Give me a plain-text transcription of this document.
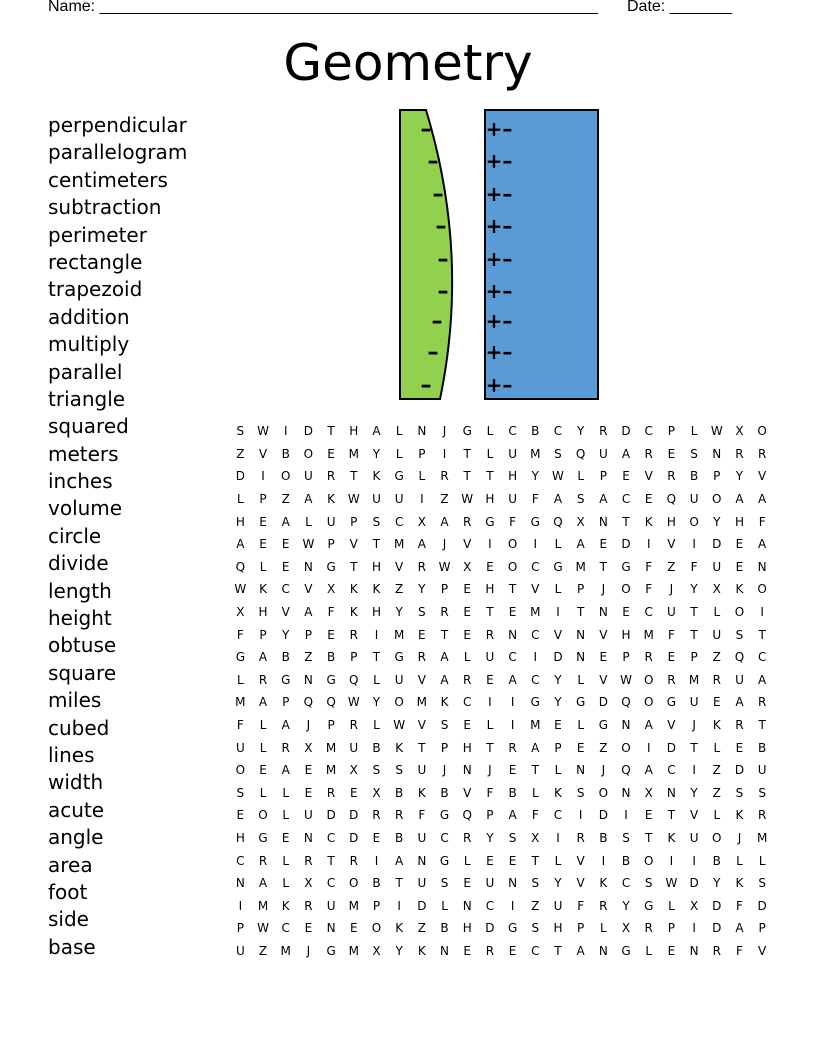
Name: ________________________________________________________ Date: _______
Geometry
perpendicular
parallelogram
centimeters
subtraction
perimeter
rectangle
trapezoid
addition
multiply
parallel
triangle
squared
meters
inches
volume
circle
divide
length
height
obtuse
square
miles
cubed
lines
width
acute
angle
area
foot
side
base
–	+–
– +–
– +–
– +–
– +–
– +–
– +–
– +–
–	+–
S	W	I	D	T	H	A	L	N	J	G	L	C	B	C	Y	R	D	C	P	L	W	X	O
Z	V	B	O	E	M	Y	L	P	I	T	L	U	M	S	Q	U	A	R	E	S	N	R	R
D	I	O	U	R	T	K	G	L	R	T	T	H	Y	W	L	P	E	V	R	B	P	Y	V
L	P	Z	A	K	W	U	U	I	Z	W	H	U	F	A	S	A	C	E	Q	U	O	A	A
H	E	A	L	U	P	S	C	X	A	R	G	F	G	Q	X	N	T	K	H	O	Y	H	F
A	E	E	W	P	V	T	M	A	J	V	I	O	I	L	A	E	D	I	V	I	D	E	A
Q	L	E	N	G	T	H	V	R	W	X	E	O	C	G	M	T	G	F	Z	F	U	E	N
W	K	C	V	X	K	K	Z	Y	P	E	H	T	V	L	P	J	O	F	J	Y	X	K	O
X	H	V	A	F	K	H	Y	S	R	E	T	E	M	I	T	N	E	C	U	T	L	O	I
F	P	Y	P	E	R	I	M	E	T	E	R	N	C	V	N	V	H	M	F	T	U	S	T
G	A	B	Z	B	P	T	G	R	A	L	U	C	I	D	N	E	P	R	E	P	Z	Q	C
L	R	G	N	G	Q	L	U	V	A	R	E	A	C	Y	L	V	W	O	R	M	R	U	A
M	A	P	Q	Q	W	Y	O	M	K	C	I	I	G	Y	G	D	Q	O	G	U	E	A	R
F	L	A	J	P	R	L	W	V	S	E	L	I	M	E	L	G	N	A	V	J	K	R	T
U	L	R	X	M	U	B	K	T	P	H	T	R	A	P	E	Z	O	I	D	T	L	E	B
O	E	A	E	M	X	S	S	U	J	N	J	E	T	L	N	J	Q	A	C	I	Z	D	U
S	L	L	E	R	E	X	B	K	B	V	F	B	L	K	S	O	N	X	N	Y	Z	S	S
E	O	L	U	D	D	R	R	F	G	Q	P	A	F	C	I	D	I	E	T	V	L	K	R
H	G	E	N	C	D	E	B	U	C	R	Y	S	X	I	R	B	S	T	K	U	O	J	M
C	R	L	R	T	R	I	A	N	G	L	E	E	T	L	V	I	B	O	I	I	B	L	L
N	A	L	X	C	O	B	T	U	S	E	U	N	S	Y	V	K	C	S	W	D	Y	K	S
I	M	K	R	U	M	P	I	D	L	N	C	I	Z	U	F	R	Y	G	L	X	D	F	D
P	W	C	E	N	E	O	K	Z	B	H	D	G	S	H	P	L	X	R	P	I	D	A	P
U	Z	M	J	G	M	X	Y	K	N	E	R	E	C	T	A	N	G	L	E	N	R	F	V
